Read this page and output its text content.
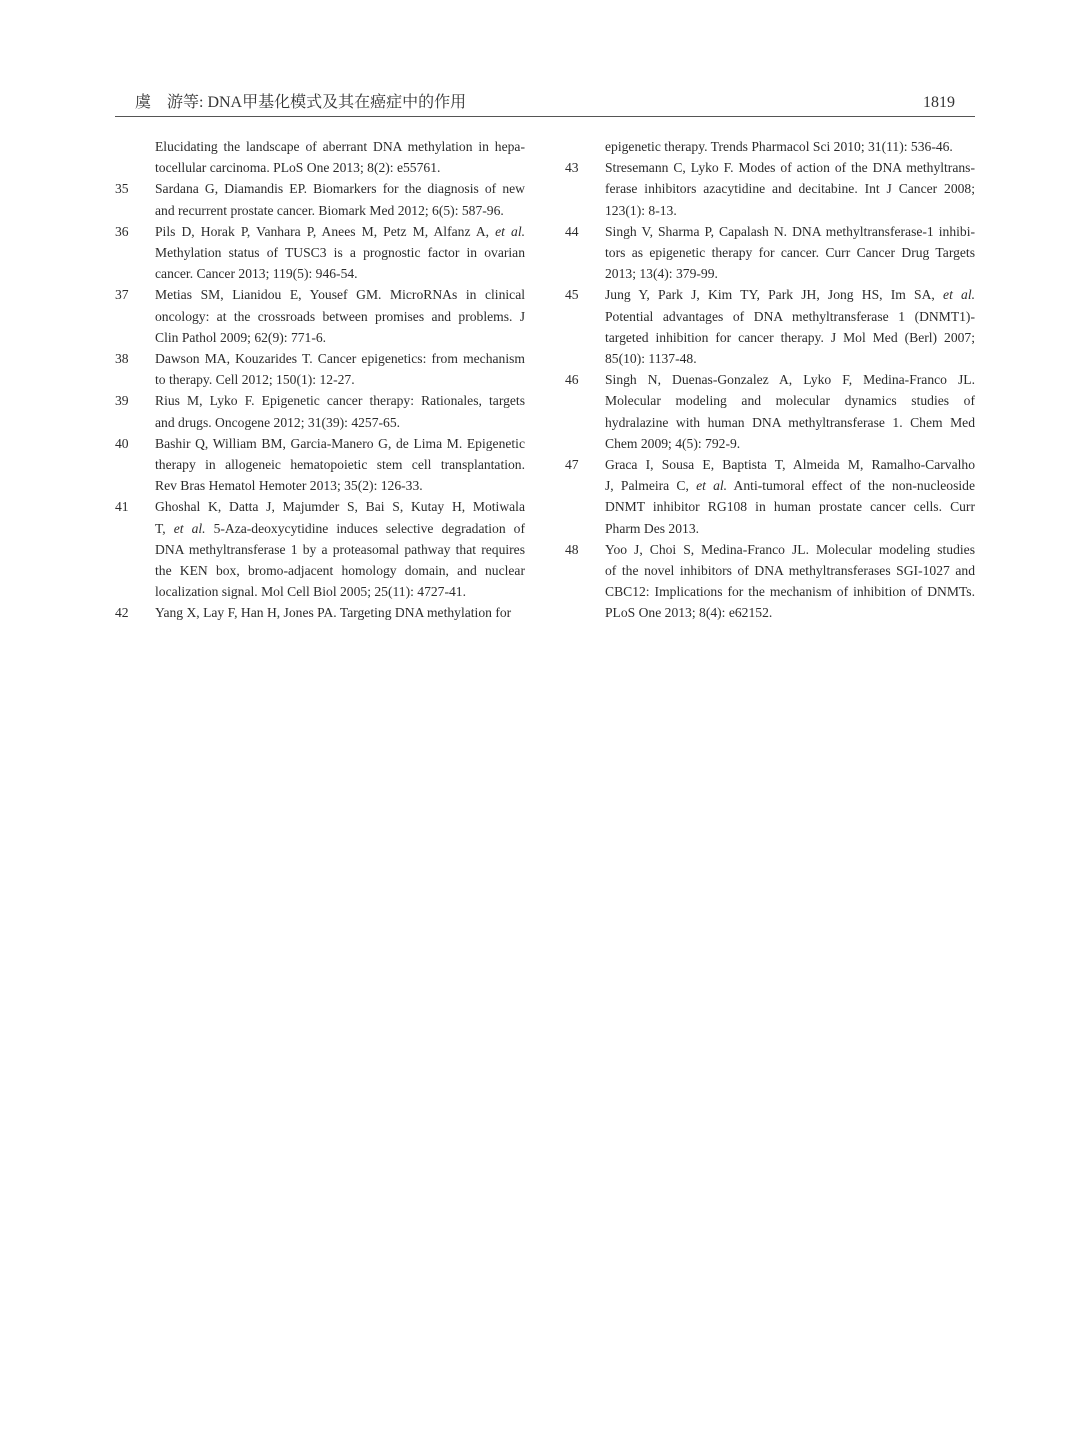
虞　游等: DNA甲基化模式及其在癌症中的作用	1819
Elucidating the landscape of aberrant DNA methylation in hepa-
tocellular carcinoma. PLoS One 2013; 8(2): e55761.
35	Sardana G, Diamandis EP. Biomarkers for the diagnosis of new
and recurrent prostate cancer. Biomark Med 2012; 6(5): 587-96.
36	Pils D, Horak P, Vanhara P, Anees M, Petz M, Alfanz A, et al.
Methylation status of TUSC3 is a prognostic factor in ovarian
cancer. Cancer 2013; 119(5): 946-54.
37	Metias SM, Lianidou E, Yousef GM. MicroRNAs in clinical
oncology: at the crossroads between promises and problems. J
Clin Pathol 2009; 62(9): 771-6.
38	Dawson MA, Kouzarides T. Cancer epigenetics: from mechanism
to therapy. Cell 2012; 150(1): 12-27.
39	Rius M, Lyko F. Epigenetic cancer therapy: Rationales, targets
and drugs. Oncogene 2012; 31(39): 4257-65.
40	Bashir Q, William BM, Garcia-Manero G, de Lima M. Epigenetic
therapy in allogeneic hematopoietic stem cell transplantation.
Rev Bras Hematol Hemoter 2013; 35(2): 126-33.
41	Ghoshal K, Datta J, Majumder S, Bai S, Kutay H, Motiwala
T, et al. 5-Aza-deoxycytidine induces selective degradation of
DNA methyltransferase 1 by a proteasomal pathway that requires
the KEN box, bromo-adjacent homology domain, and nuclear
localization signal. Mol Cell Biol 2005; 25(11): 4727-41.
42	Yang X, Lay F, Han H, Jones PA. Targeting DNA methylation for
epigenetic therapy. Trends Pharmacol Sci 2010; 31(11): 536-46.
43	Stresemann C, Lyko F. Modes of action of the DNA methyltrans-
ferase inhibitors azacytidine and decitabine. Int J Cancer 2008;
123(1): 8-13.
44	Singh V, Sharma P, Capalash N. DNA methyltransferase-1 inhibi-
tors as epigenetic therapy for cancer. Curr Cancer Drug Targets
2013; 13(4): 379-99.
45	Jung Y, Park J, Kim TY, Park JH, Jong HS, Im SA, et al.
Potential advantages of DNA methyltransferase 1 (DNMT1)-
targeted inhibition for cancer therapy. J Mol Med (Berl) 2007;
85(10): 1137-48.
46	Singh N, Duenas-Gonzalez A, Lyko F, Medina-Franco JL.
Molecular modeling and molecular dynamics studies of
hydralazine with human DNA methyltransferase 1. Chem Med
Chem 2009; 4(5): 792-9.
47	Graca I, Sousa E, Baptista T, Almeida M, Ramalho-Carvalho
J, Palmeira C, et al. Anti-tumoral effect of the non-nucleoside
DNMT inhibitor RG108 in human prostate cancer cells. Curr
Pharm Des 2013.
48	Yoo J, Choi S, Medina-Franco JL. Molecular modeling studies
of the novel inhibitors of DNA methyltransferases SGI-1027 and
CBC12: Implications for the mechanism of inhibition of DNMTs.
PLoS One 2013; 8(4): e62152.
